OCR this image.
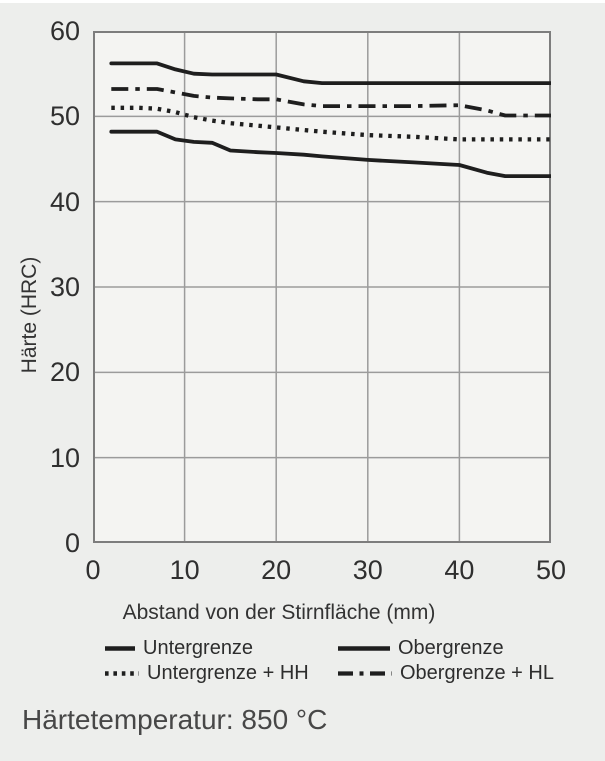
0
10
20
30
40
50
60
0	10	20	30	40	50
Härte (HRC)
Abstand von der Stirnfläche (mm)
Untergrenze	Obergrenze
Untergrenze + HH	Obergrenze + HL
Härtetemperatur: 850 °C
